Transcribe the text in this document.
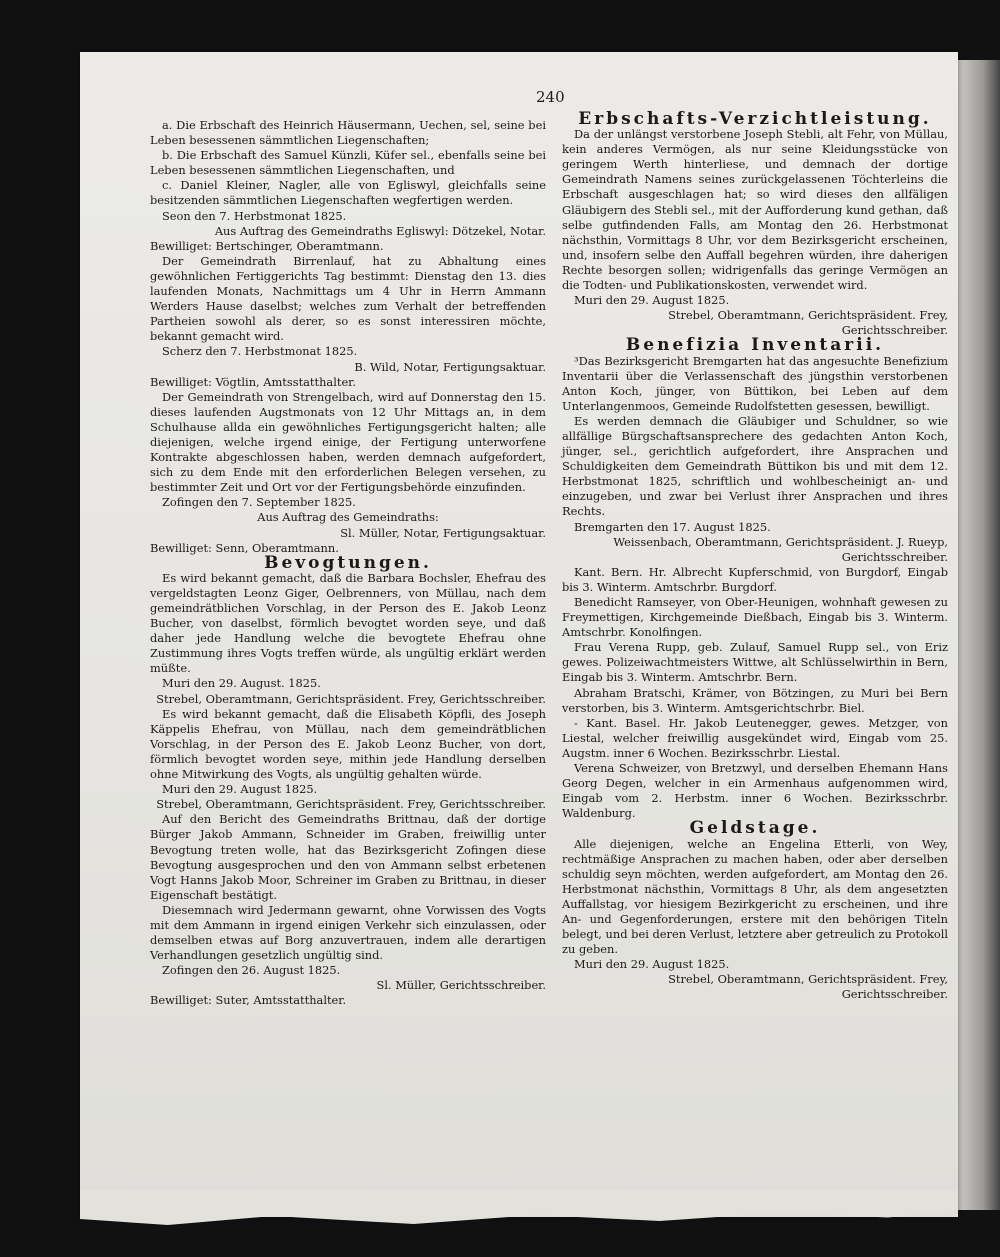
240

a. Die Erbschaft des Heinrich Häusermann, Uechen, sel, seine bei Leben besessenen sämmtlichen Liegenschaften;

b. Die Erbschaft des Samuel Künzli, Küfer sel., ebenfalls seine bei Leben besessenen sämmtlichen Liegenschaften, und

c. Daniel Kleiner, Nagler, alle von Egliswyl, gleichfalls seine besitzenden sämmtlichen Liegenschaften wegfertigen werden.

Seon den 7. Herbstmonat 1825.

Aus Auftrag des Gemeindraths Egliswyl: Dötzekel, Notar.

Bewilliget: Bertschinger, Oberamtmann.

Der Gemeindrath Birrenlauf, hat zu Abhaltung eines gewöhnlichen Fertiggerichts Tag bestimmt: Dienstag den 13. dies laufenden Monats, Nachmittags um 4 Uhr in Herrn Ammann Werders Hause daselbst; welches zum Verhalt der betreffenden Partheien sowohl als derer, so es sonst interessiren möchte, bekannt gemacht wird.

Scherz den 7. Herbstmonat 1825.

B. Wild, Notar, Fertigungsaktuar.

Bewilliget: Vögtlin, Amtsstatthalter.

Der Gemeindrath von Strengelbach, wird auf Donnerstag den 15. dieses laufenden Augstmonats von 12 Uhr Mittags an, in dem Schulhause allda ein gewöhnliches Fertigungsgericht halten; alle diejenigen, welche irgend einige, der Fertigung unterworfene Kontrakte abgeschlossen haben, werden demnach aufgefordert, sich zu dem Ende mit den erforderlichen Belegen versehen, zu bestimmter Zeit und Ort vor der Fertigungsbehörde einzufinden.

Zofingen den 7. September 1825.

Aus Auftrag des Gemeindraths:

Sl. Müller, Notar, Fertigungsaktuar.

Bewilliget: Senn, Oberamtmann.

Bevogtungen.

Es wird bekannt gemacht, daß die Barbara Bochsler, Ehefrau des vergeldstagten Leonz Giger, Oelbrenners, von Müllau, nach dem gemeindrätblichen Vorschlag, in der Person des E. Jakob Leonz Bucher, von daselbst, förmlich bevogtet worden seye, und daß daher jede Handlung welche die bevogtete Ehefrau ohne Zustimmung ihres Vogts treffen würde, als ungültig erklärt werden müßte.

Muri den 29. August. 1825.

Strebel, Oberamtmann, Gerichtspräsident. Frey, Gerichtsschreiber.

Es wird bekannt gemacht, daß die Elisabeth Köpfli, des Joseph Käppelis Ehefrau, von Müllau, nach dem gemeindrätblichen Vorschlag, in der Person des E. Jakob Leonz Bucher, von dort, förmlich bevogtet worden seye, mithin jede Handlung derselben ohne Mitwirkung des Vogts, als ungültig gehalten würde.

Muri den 29. August 1825.

Strebel, Oberamtmann, Gerichtspräsident. Frey, Gerichtsschreiber.

Auf den Bericht des Gemeindraths Brittnau, daß der dortige Bürger Jakob Ammann, Schneider im Graben, freiwillig unter Bevogtung treten wolle, hat das Bezirksgericht Zofingen diese Bevogtung ausgesprochen und den von Ammann selbst erbetenen Vogt Hanns Jakob Moor, Schreiner im Graben zu Brittnau, in dieser Eigenschaft bestätigt.

Diesemnach wird Jedermann gewarnt, ohne Vorwissen des Vogts mit dem Ammann in irgend einigen Verkehr sich einzulassen, oder demselben etwas auf Borg anzuvertrauen, indem alle derartigen Verhandlungen gesetzlich ungültig sind.

Zofingen den 26. August 1825.

Sl. Müller, Gerichtsschreiber.

Bewilliget: Suter, Amtsstatthalter.

Erbschafts-Verzichtleistung.

Da der unlängst verstorbene Joseph Stebli, alt Fehr, von Müllau, kein anderes Vermögen, als nur seine Kleidungsstücke von geringem Werth hinterliese, und demnach der dortige Gemeindrath Namens seines zurückgelassenen Töchterleins die Erbschaft ausgeschlagen hat; so wird dieses den allfäligen Gläubigern des Stebli sel., mit der Aufforderung kund gethan, daß selbe gutfindenden Falls, am Montag den 26. Herbstmonat nächsthin, Vormittags 8 Uhr, vor dem Bezirksgericht erscheinen, und, insofern selbe den Auffall begehren würden, ihre daherigen Rechte besorgen sollen; widrigenfalls das geringe Vermögen an die Todten- und Publikationskosten, verwendet wird.

Muri den 29. August 1825.

Strebel, Oberamtmann, Gerichtspräsident. Frey, Gerichtsschreiber.

Benefizia Inventarii.

³Das Bezirksgericht Bremgarten hat das angesuchte Benefizium Inventarii über die Verlassenschaft des jüngsthin verstorbenen Anton Koch, jünger, von Büttikon, bei Leben auf dem Unterlangenmoos, Gemeinde Rudolfstetten gesessen, bewilligt.

Es werden demnach die Gläubiger und Schuldner, so wie allfällige Bürgschaftsansprechere des gedachten Anton Koch, jünger, sel., gerichtlich aufgefordert, ihre Ansprachen und Schuldigkeiten dem Gemeindrath Büttikon bis und mit dem 12. Herbstmonat 1825, schriftlich und wohlbescheinigt an- und einzugeben, und zwar bei Verlust ihrer Ansprachen und ihres Rechts.

Bremgarten den 17. August 1825.

Weissenbach, Oberamtmann, Gerichtspräsident. J. Rueyp, Gerichtsschreiber.

Kant. Bern. Hr. Albrecht Kupferschmid, von Burgdorf, Eingab bis 3. Winterm. Amtschrbr. Burgdorf.

Benedicht Ramseyer, von Ober-Heunigen, wohnhaft gewesen zu Freymettigen, Kirchgemeinde Dießbach, Eingab bis 3. Winterm. Amtschrbr. Konolfingen.

Frau Verena Rupp, geb. Zulauf, Samuel Rupp sel., von Eriz gewes. Polizeiwachtmeisters Wittwe, alt Schlüsselwirthin in Bern, Eingab bis 3. Winterm. Amtschrbr. Bern.

Abraham Bratschi, Krämer, von Bötzingen, zu Muri bei Bern verstorben, bis 3. Winterm. Amtsgerichtschrbr. Biel.

- Kant. Basel. Hr. Jakob Leutenegger, gewes. Metzger, von Liestal, welcher freiwillig ausgekündet wird, Eingab vom 25. Augstm. inner 6 Wochen. Bezirksschrbr. Liestal.

Verena Schweizer, von Bretzwyl, und derselben Ehemann Hans Georg Degen, welcher in ein Armenhaus aufgenommen wird, Eingab vom 2. Herbstm. inner 6 Wochen. Bezirksschrbr. Waldenburg.

Geldstage.

Alle diejenigen, welche an Engelina Etterli, von Wey, rechtmäßige Ansprachen zu machen haben, oder aber derselben schuldig seyn möchten, werden aufgefordert, am Montag den 26. Herbstmonat nächsthin, Vormittags 8 Uhr, als dem angesetzten Auffallstag, vor hiesigem Bezirkgericht zu erscheinen, und ihre An- und Gegenforderungen, erstere mit den behörigen Titeln belegt, und bei deren Verlust, letztere aber getreulich zu Protokoll zu geben.

Muri den 29. August 1825.

Strebel, Oberamtmann, Gerichtspräsident. Frey, Gerichtsschreiber.
